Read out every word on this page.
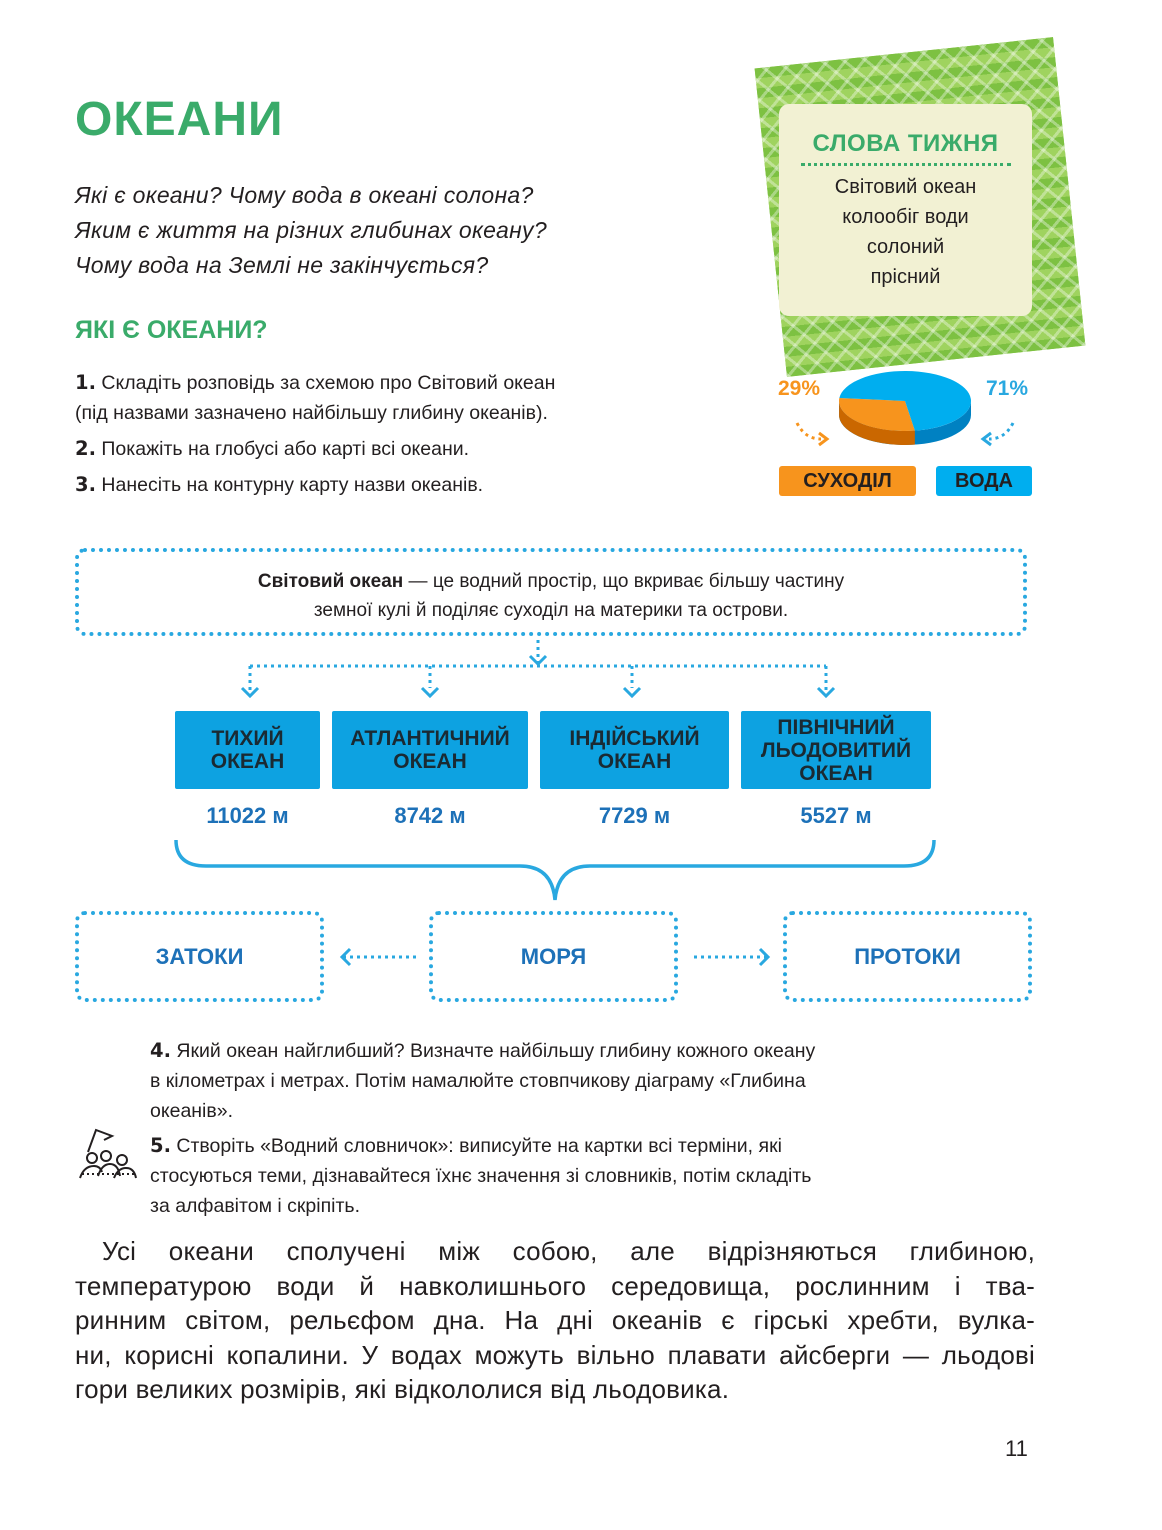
ОКЕАНИ
Які є океани? Чому вода в океані солона?
Яким є життя на різних глибинах океану?
Чому вода на Землі не закінчується?
ЯКІ Є ОКЕАНИ?

1. Складіть розповідь за схемою про Світовий океан
(під назвами зазначено найбільшу глибину океанів).

2. Покажіть на глобусі або карті всі океани.

3. Нанесіть на контурну карту назви океанів.

СЛОВА ТИЖНЯ
Світовий океан
колообіг води
солоний
прісний
29%	71%
СУХОДІЛ	ВОДА
Світовий океан — це водний простір, що вкриває більшу частину
земної кулі й поділяє суходіл на материки та острови.
ТИХИЙ
ОКЕАН
АТЛАНТИЧНИЙ
ОКЕАН
ІНДІЙСЬКИЙ
ОКЕАН
ПІВНІЧНИЙ
ЛЬОДОВИТИЙ
ОКЕАН
11022 м	8742 м	7729 м	5527 м
ЗАТОКИ	МОРЯ	ПРОТОКИ

4. Який океан найглибший? Визначте найбільшу глибину кожного океану

в кілометрах і метрах. Потім намалюйте стовпчикову діаграму «Глибина

океанів».

5. Створіть «Водний словничок»: виписуйте на картки всі терміни, які

стосуються теми, дізнавайтеся їхнє значення зі словників, потім складіть

за алфавітом і скріпіть.

Усі океани сполучені між собою, але відрізняються глибиною,

температурою води й навколишнього середовища, рослинним і тва-

ринним світом, рельєфом дна. На дні океанів є гірські хребти, вулка-

ни, корисні копалини. У водах можуть вільно плавати айсберги — льодові

гори великих розмірів, які відкололися від льодовика.

11
